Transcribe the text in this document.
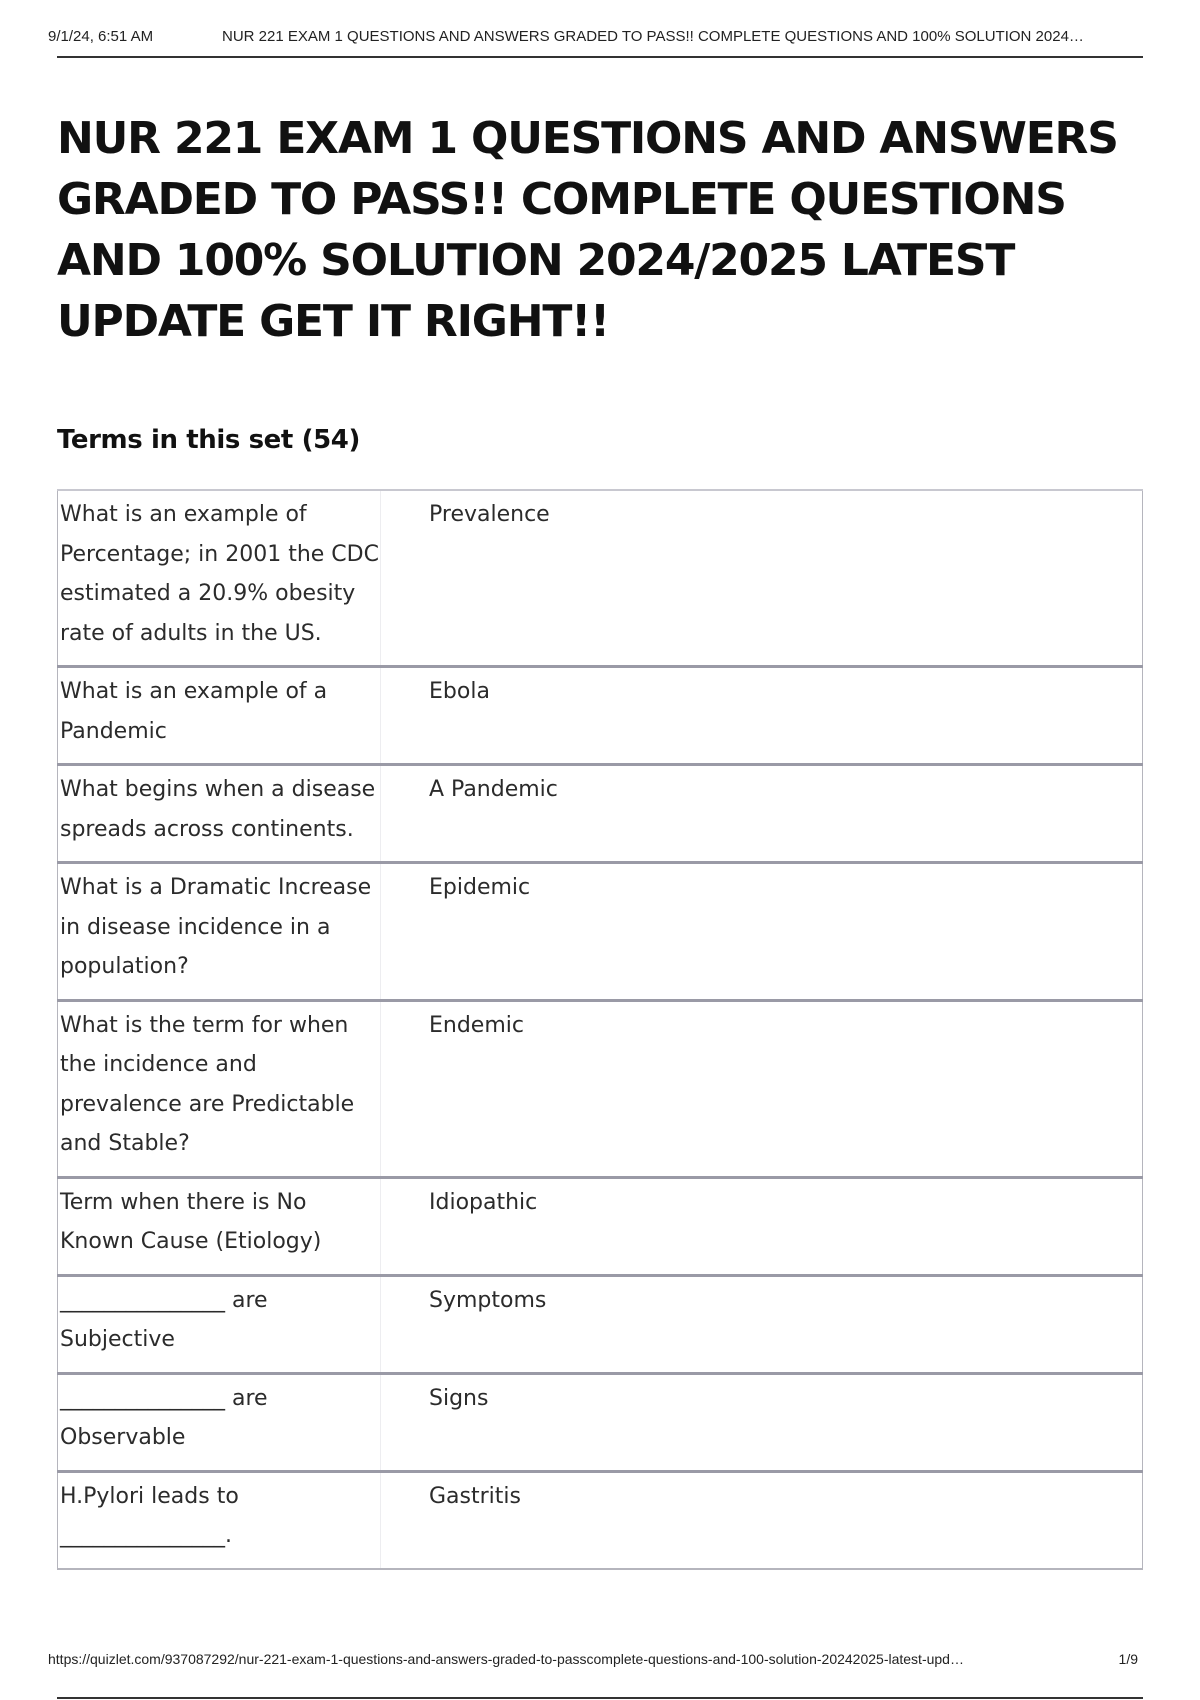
9/1/24, 6:51 AM	NUR 221 EXAM 1 QUESTIONS AND ANSWERS GRADED TO PASS!! COMPLETE QUESTIONS AND 100% SOLUTION 2024…
NUR 221 EXAM 1 QUESTIONS AND ANSWERS GRADED TO PASS!! COMPLETE QUESTIONS AND 100% SOLUTION 2024/2025 LATEST UPDATE GET IT RIGHT!!
Terms in this set (54)
What is an example of Percentage; in 2001 the CDC estimated a 20.9% obesity rate of adults in the US.	Prevalence
What is an example of a Pandemic	Ebola
What begins when a disease spreads across continents.	A Pandemic
What is a Dramatic Increase in disease incidence in a population?	Epidemic
What is the term for when the incidence and prevalence are Predictable and Stable?	Endemic
Term when there is No Known Cause (Etiology)	Idiopathic
_______________ are Subjective	Symptoms
_______________ are Observable	Signs
H.Pylori leads to _______________.	Gastritis
https://quizlet.com/937087292/nur-221-exam-1-questions-and-answers-graded-to-passcomplete-questions-and-100-solution-20242025-latest-upd…	1/9
